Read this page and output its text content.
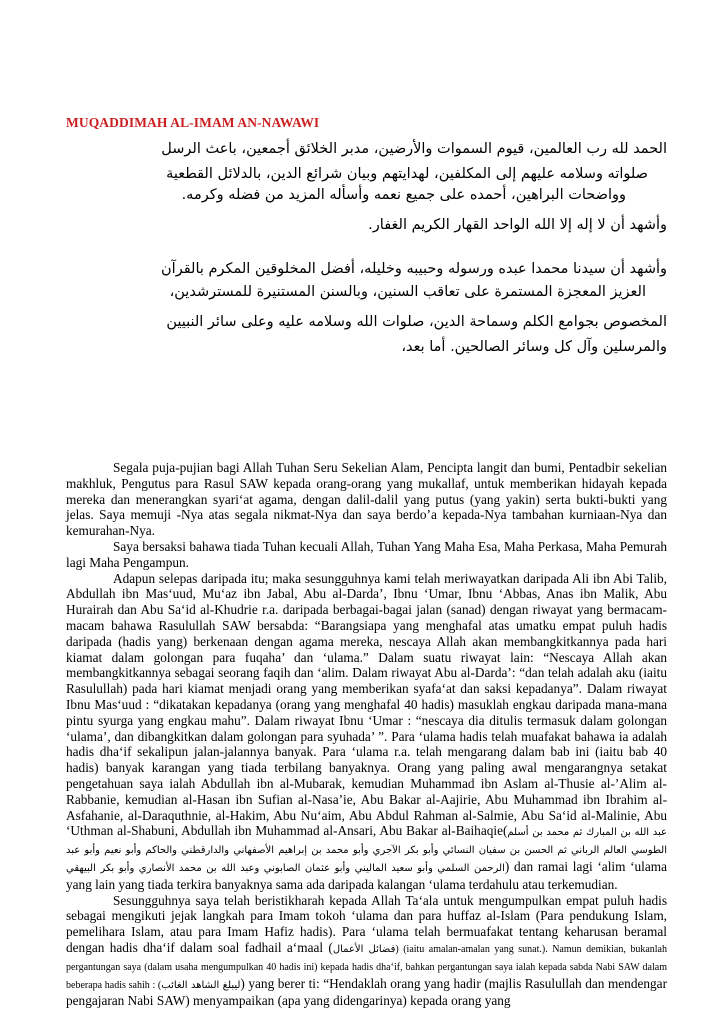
MUQADDIMAH AL-IMAM AN-NAWAWI
الحمد لله رب العالمين، قيوم السموات والأرضين، مدبر الخلائق أجمعين، باعث الرسل
صلواته وسلامه عليهم إلى المكلفين، لهدايتهم وبيان شرائع الدين، بالدلائل القطعية
وواضحات البراهين، أحمده على جميع نعمه وأسأله المزيد من فضله وكرمه.
وأشهد أن لا إله إلا الله الواحد القهار الكريم الغفار.
وأشهد أن سيدنا محمدا عبده ورسوله وحبيبه وخليله، أفضل المخلوقين المكرم بالقرآن
العزيز المعجزة المستمرة على تعاقب السنين، وبالسنن المستنيرة للمسترشدين،
المخصوص بجوامع الكلم وسماحة الدين، صلوات الله وسلامه عليه وعلى سائر النبيين
والمرسلين وآل كل وسائر الصالحين. أما بعد،

Segala puja-pujian bagi Allah Tuhan Seru Sekelian Alam, Pencipta langit dan bumi, Pentadbir sekelian makhluk, Pengutus para Rasul SAW kepada orang-orang yang mukallaf, untuk memberikan hidayah kepada mereka dan menerangkan syari‘at agama, dengan dalil-dalil yang putus (yang yakin) serta bukti-bukti yang jelas. Saya memuji -Nya atas segala nikmat-Nya dan saya berdo’a kepada-Nya tambahan kurniaan-Nya dan kemurahan-Nya.

Saya bersaksi bahawa tiada Tuhan kecuali Allah, Tuhan Yang Maha Esa, Maha Perkasa, Maha Pemurah lagi Maha Pengampun.

Adapun selepas daripada itu; maka sesungguhnya kami telah meriwayatkan daripada Ali ibn Abi Talib, Abdullah ibn Mas‘uud, Mu‘az ibn Jabal, Abu al-Darda’, Ibnu ‘Umar, Ibnu ‘Abbas, Anas ibn Malik, Abu Hurairah dan Abu Sa‘id al-Khudrie r.a. daripada berbagai-bagai jalan (sanad) dengan riwayat yang bermacam-macam bahawa Rasulullah SAW bersabda: “Barangsiapa yang menghafal atas umatku empat puluh hadis daripada (hadis yang) berkenaan dengan agama mereka, nescaya Allah akan membangkitkannya pada hari kiamat dalam golongan para fuqaha’ dan ‘ulama.” Dalam suatu riwayat lain: “Nescaya Allah akan membangkitkannya sebagai seorang faqih dan ‘alim. Dalam riwayat Abu al-Darda’: “dan telah adalah aku (iaitu Rasulullah) pada hari kiamat menjadi orang yang memberikan syafa‘at dan saksi kepadanya”. Dalam riwayat Ibnu Mas‘uud : “dikatakan kepadanya (orang yang menghafal 40 hadis) masuklah engkau daripada mana-mana pintu syurga yang engkau mahu”. Dalam riwayat Ibnu ‘Umar : “nescaya dia ditulis termasuk dalam golongan ‘ulama’, dan dibangkitkan dalam golongan para syuhada’ ”. Para ‘ulama hadis telah muafakat bahawa ia adalah hadis dha‘if sekalipun jalan-jalannya banyak. Para ‘ulama r.a. telah mengarang dalam bab ini (iaitu bab 40 hadis) banyak karangan yang tiada terbilang banyaknya. Orang yang paling awal mengarangnya setakat pengetahuan saya ialah Abdullah ibn al-Mubarak, kemudian Muhammad ibn Aslam al-Thusie al-’Alim al-Rabbanie, kemudian al-Hasan ibn Sufian al-Nasa’ie, Abu Bakar al-Aajirie, Abu Muhammad ibn Ibrahim al-Asfahanie, al-Daraquthnie, al-Hakim, Abu Nu‘aim, Abu Abdul Rahman al-Salmie, Abu Sa‘id al-Malinie, Abu ‘Uthman al-Shabuni, Abdullah ibn Muhammad al-Ansari, Abu Bakar al-Baihaqie(عبد الله بن المبارك ثم محمد بن أسلم الطوسي العالم الرباني ثم الحسن بن سفيان النسائي وأبو بكر الآجري وأبو محمد بن إبراهيم الأصفهاني والدارقطني والحاكم وأبو نعيم وأبو عبد الرحمن السلمي وأبو سعيد الماليني وأبو عثمان الصابوني وعبد الله بن محمد الأنصاري وأبو بكر البيهقي) dan ramai lagi ‘alim ‘ulama yang lain yang tiada terkira banyaknya sama ada daripada kalangan ‘ulama terdahulu atau terkemudian.

Sesungguhnya saya telah beristikharah kepada Allah Ta‘ala untuk mengumpulkan empat puluh hadis sebagai mengikuti jejak langkah para Imam tokoh ‘ulama dan para huffaz al-Islam (Para pendukung Islam, pemelihara Islam, atau para Imam Hafiz hadis). Para ‘ulama telah bermuafakat tentang keharusan beramal dengan hadis dha‘if dalam soal fadhail a‘maal (فضائل الأعمال) (iaitu amalan-amalan yang sunat.). Namun demikian, bukanlah pergantungan saya (dalam usaha mengumpulkan 40 hadis ini) kepada hadis dha‘if, bahkan pergantungan saya ialah kepada sabda Nabi SAW dalam beberapa hadis sahih : (ليبلغ الشاهد الغائب) yang berer ti: “Hendaklah orang yang hadir (majlis Rasulullah dan mendengar pengajaran Nabi SAW) menyampaikan (apa yang didengarinya) kepada orang yang
